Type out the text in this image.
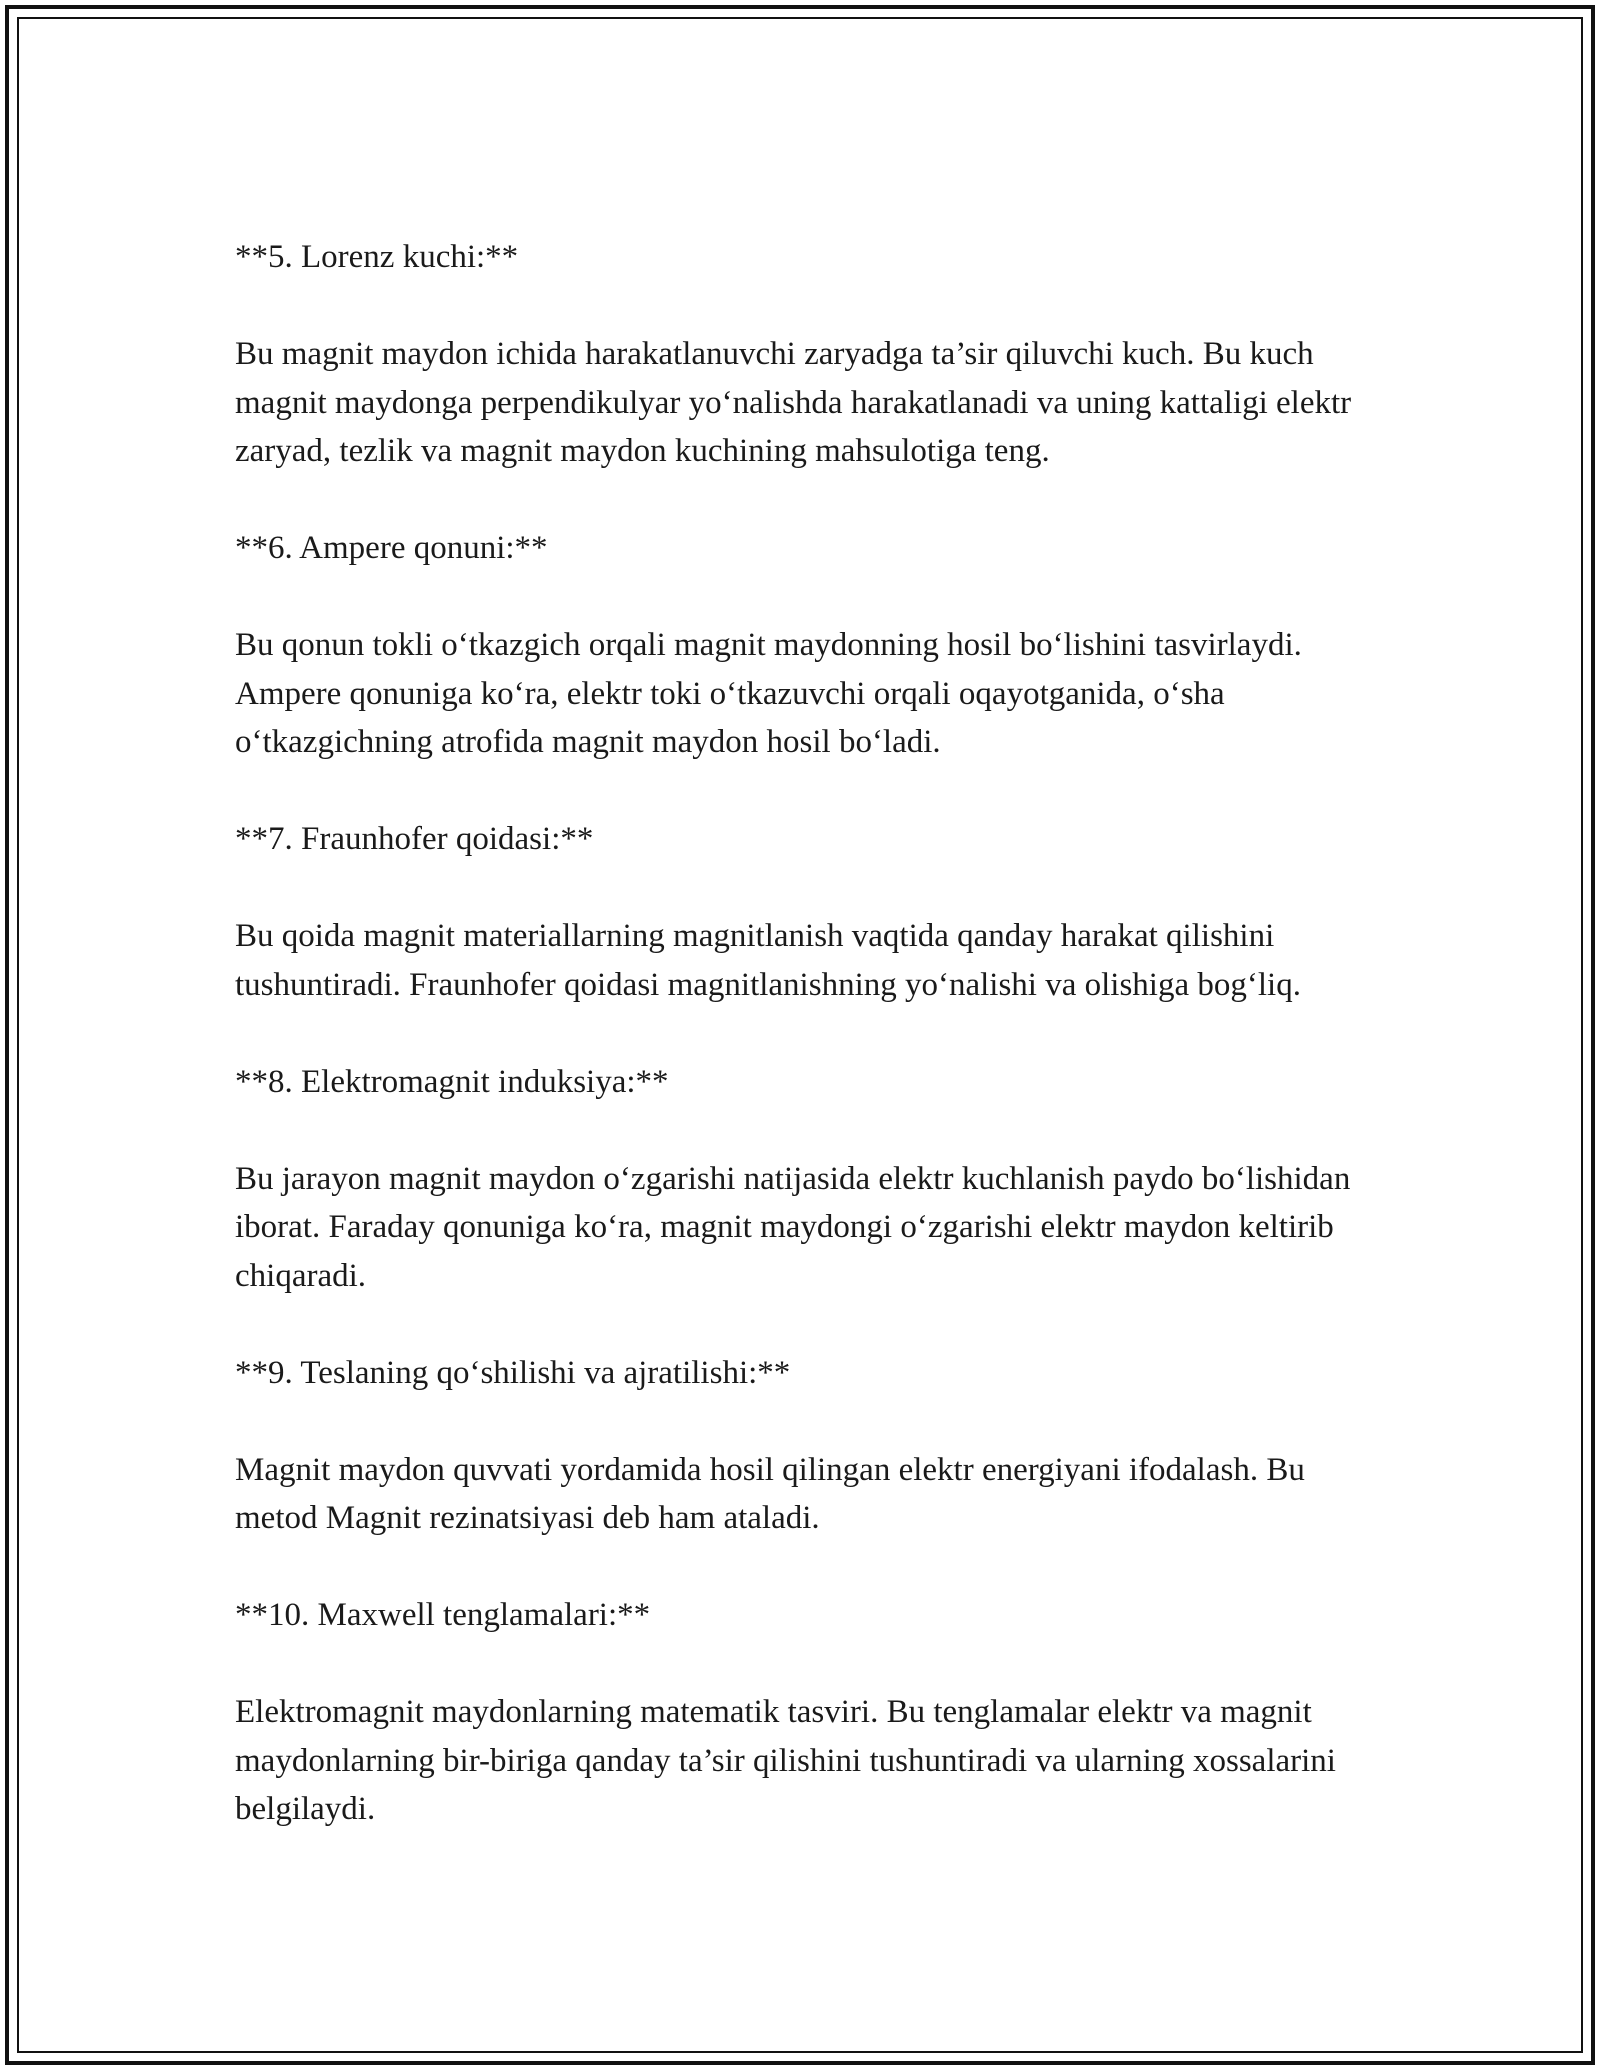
**5. Lorenz kuchi:**

Bu magnit maydon ichida harakatlanuvchi zaryadga ta’sir qiluvchi kuch. Bu kuch magnit maydonga perpendikulyar yo‘nalishda harakatlanadi va uning kattaligi elektr zaryad, tezlik va magnit maydon kuchining mahsulotiga teng.

**6. Ampere qonuni:**

Bu qonun tokli o‘tkazgich orqali magnit maydonning hosil bo‘lishini tasvirlaydi. Ampere qonuniga ko‘ra, elektr toki o‘tkazuvchi orqali oqayotganida, o‘sha o‘tkazgichning atrofida magnit maydon hosil bo‘ladi.

**7. Fraunhofer qoidasi:**

Bu qoida magnit materiallarning magnitlanish vaqtida qanday harakat qilishini tushuntiradi. Fraunhofer qoidasi magnitlanishning yo‘nalishi va olishiga bog‘liq.

**8. Elektromagnit induksiya:**

Bu jarayon magnit maydon o‘zgarishi natijasida elektr kuchlanish paydo bo‘lishidan iborat. Faraday qonuniga ko‘ra, magnit maydongi o‘zgarishi elektr maydon keltirib chiqaradi.

**9. Teslaning qo‘shilishi va ajratilishi:**

Magnit maydon quvvati yordamida hosil qilingan elektr energiyani ifodalash. Bu metod Magnit rezinatsiyasi deb ham ataladi.

**10. Maxwell tenglamalari:**

Elektromagnit maydonlarning matematik tasviri. Bu tenglamalar elektr va magnit maydonlarning bir-biriga qanday ta’sir qilishini tushuntiradi va ularning xossalarini belgilaydi.
